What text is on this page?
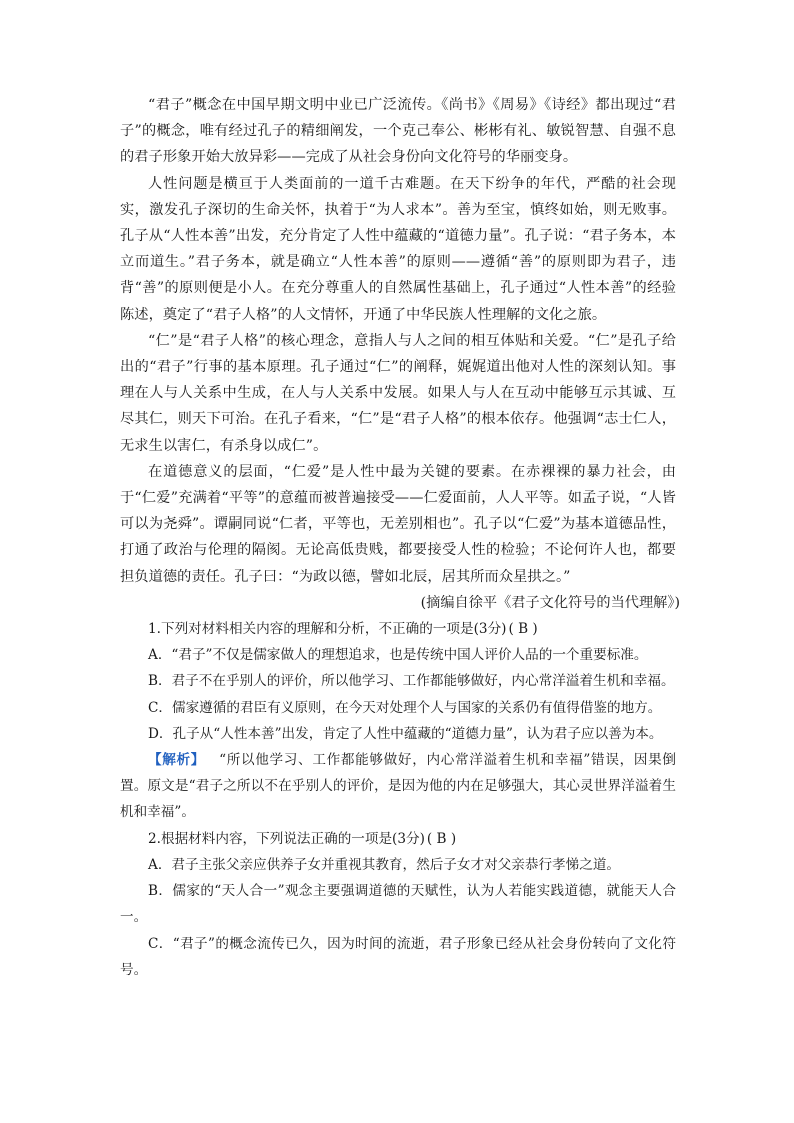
“君子”概念在中国早期文明中业已广泛流传。《尚书》《周易》《诗经》都出现过“君子”的概念，唯有经过孔子的精细阐发，一个克己奉公、彬彬有礼、敏锐智慧、自强不息的君子形象开始大放异彩——完成了从社会身份向文化符号的华丽变身。

人性问题是横亘于人类面前的一道千古难题。在天下纷争的年代，严酷的社会现实，激发孔子深切的生命关怀，执着于“为人求本”。善为至宝，慎终如始，则无败事。孔子从“人性本善”出发，充分肯定了人性中蕴藏的“道德力量”。孔子说：“君子务本，本立而道生。”君子务本，就是确立“人性本善”的原则——遵循“善”的原则即为君子，违背“善”的原则便是小人。在充分尊重人的自然属性基础上，孔子通过“人性本善”的经验陈述，奠定了“君子人格”的人文情怀，开通了中华民族人性理解的文化之旅。

“仁”是“君子人格”的核心理念，意指人与人之间的相互体贴和关爱。“仁”是孔子给出的“君子”行事的基本原理。孔子通过“仁”的阐释，娓娓道出他对人性的深刻认知。事理在人与人关系中生成，在人与人关系中发展。如果人与人在互动中能够互示其诚、互尽其仁，则天下可治。在孔子看来，“仁”是“君子人格”的根本依存。他强调“志士仁人，无求生以害仁，有杀身以成仁”。

在道德意义的层面，“仁爱”是人性中最为关键的要素。在赤裸裸的暴力社会，由于“仁爱”充满着“平等”的意蕴而被普遍接受——仁爱面前，人人平等。如孟子说，“人皆可以为尧舜”。谭嗣同说“仁者，平等也，无差别相也”。孔子以“仁爱”为基本道德品性，打通了政治与伦理的隔阂。无论高低贵贱，都要接受人性的检验；不论何许人也，都要担负道德的责任。孔子曰：“为政以德，譬如北辰，居其所而众星拱之。”

(摘编自徐平《君子文化符号的当代理解》)

1.下列对材料相关内容的理解和分析，不正确的一项是(3分) ( B )

A．“君子”不仅是儒家做人的理想追求，也是传统中国人评价人品的一个重要标准。

B．君子不在乎别人的评价，所以他学习、工作都能够做好，内心常洋溢着生机和幸福。

C．儒家遵循的君臣有义原则，在今天对处理个人与国家的关系仍有值得借鉴的地方。

D．孔子从“人性本善”出发，肯定了人性中蕴藏的“道德力量”，认为君子应以善为本。

【解析】 “所以他学习、工作都能够做好，内心常洋溢着生机和幸福”错误，因果倒置。原文是“君子之所以不在乎别人的评价，是因为他的内在足够强大，其心灵世界洋溢着生机和幸福”。

2.根据材料内容，下列说法正确的一项是(3分) ( B )

A．君子主张父亲应供养子女并重视其教育，然后子女才对父亲恭行孝悌之道。

B．儒家的“天人合一”观念主要强调道德的天赋性，认为人若能实践道德，就能天人合一。

C．“君子”的概念流传已久，因为时间的流逝，君子形象已经从社会身份转向了文化符号。
